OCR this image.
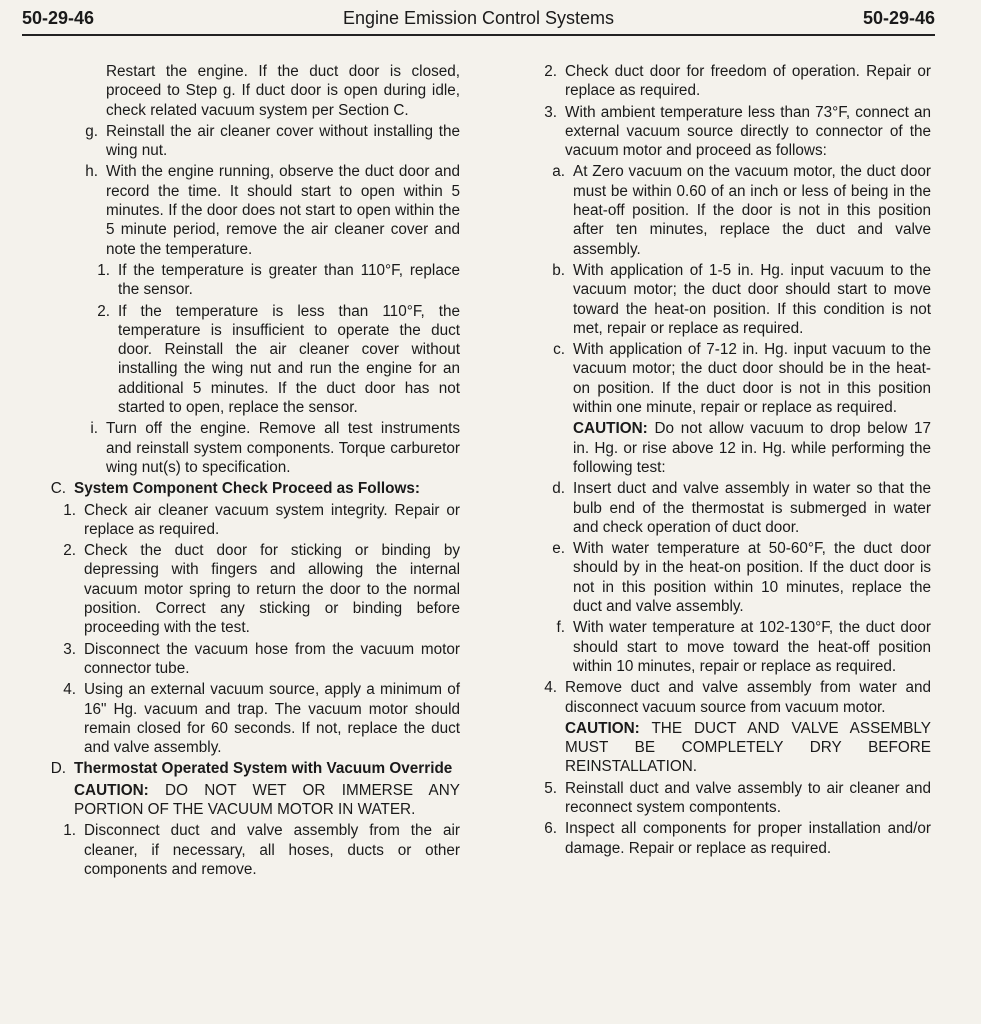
50-29-46	Engine Emission Control Systems	50-29-46
Restart the engine. If the duct door is closed, proceed to Step g. If duct door is open during idle, check related vacuum system per Section C.
g. Reinstall the air cleaner cover without installing the wing nut.
h. With the engine running, observe the duct door and record the time. It should start to open within 5 minutes. If the door does not start to open within the 5 minute period, remove the air cleaner cover and note the temperature.
1. If the temperature is greater than 110°F, replace the sensor.
2. If the temperature is less than 110°F, the temperature is insufficient to operate the duct door. Reinstall the air cleaner cover without installing the wing nut and run the engine for an additional 5 minutes. If the duct door has not started to open, replace the sensor.
i. Turn off the engine. Remove all test instruments and reinstall system components. Torque carburetor wing nut(s) to specification.
C. System Component Check Proceed as Follows:
1. Check air cleaner vacuum system integrity. Repair or replace as required.
2. Check the duct door for sticking or binding by depressing with fingers and allowing the internal vacuum motor spring to return the door to the normal position. Correct any sticking or binding before proceeding with the test.
3. Disconnect the vacuum hose from the vacuum motor connector tube.
4. Using an external vacuum source, apply a minimum of 16" Hg. vacuum and trap. The vacuum motor should remain closed for 60 seconds. If not, replace the duct and valve assembly.
D. Thermostat Operated System with Vacuum Override
CAUTION: DO NOT WET OR IMMERSE ANY PORTION OF THE VACUUM MOTOR IN WATER.
1. Disconnect duct and valve assembly from the air cleaner, if necessary, all hoses, ducts or other components and remove.
2. Check duct door for freedom of operation. Repair or replace as required.
3. With ambient temperature less than 73°F, connect an external vacuum source directly to connector of the vacuum motor and proceed as follows:
a. At Zero vacuum on the vacuum motor, the duct door must be within 0.60 of an inch or less of being in the heat-off position. If the door is not in this position after ten minutes, replace the duct and valve assembly.
b. With application of 1-5 in. Hg. input vacuum to the vacuum motor; the duct door should start to move toward the heat-on position. If this condition is not met, repair or replace as required.
c. With application of 7-12 in. Hg. input vacuum to the vacuum motor; the duct door should be in the heat-on position. If the duct door is not in this position within one minute, repair or replace as required.
CAUTION: Do not allow vacuum to drop below 17 in. Hg. or rise above 12 in. Hg. while performing the following test:
d. Insert duct and valve assembly in water so that the bulb end of the thermostat is submerged in water and check operation of duct door.
e. With water temperature at 50-60°F, the duct door should by in the heat-on position. If the duct door is not in this position within 10 minutes, replace the duct and valve assembly.
f. With water temperature at 102-130°F, the duct door should start to move toward the heat-off position within 10 minutes, repair or replace as required.
4. Remove duct and valve assembly from water and disconnect vacuum source from vacuum motor.
CAUTION: THE DUCT AND VALVE ASSEMBLY MUST BE COMPLETELY DRY BEFORE REINSTALLATION.
5. Reinstall duct and valve assembly to air cleaner and reconnect system compontents.
6. Inspect all components for proper installation and/or damage. Repair or replace as required.
